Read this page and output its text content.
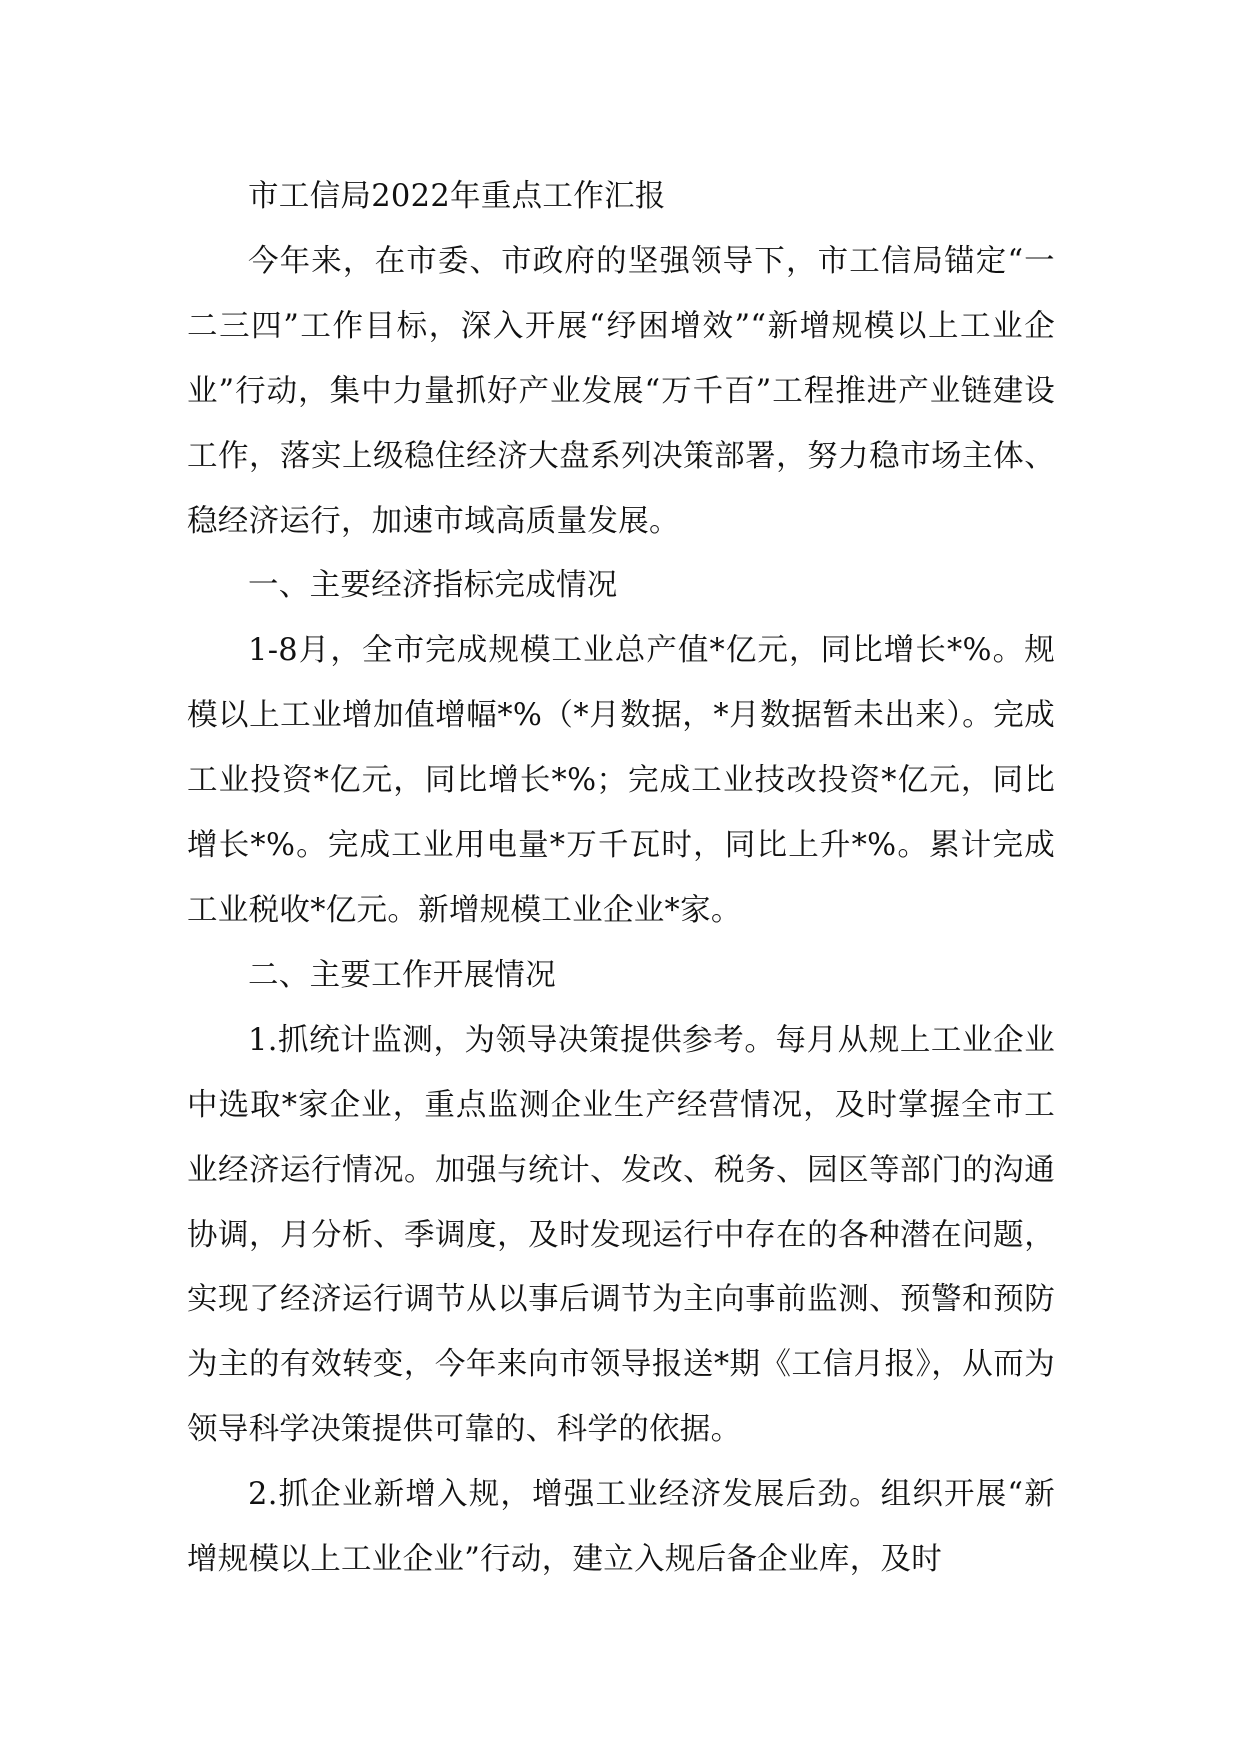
市工信局2022年重点工作汇报

今年来，在市委、市政府的坚强领导下，市工信局锚定“一二三四”工作目标，深入开展“纾困增效”“新增规模以上工业企业”行动，集中力量抓好产业发展“万千百”工程推进产业链建设工作，落实上级稳住经济大盘系列决策部署，努力稳市场主体、稳经济运行，加速市域高质量发展。

一、主要经济指标完成情况

1-8月，全市完成规模工业总产值*亿元，同比增长*%。规模以上工业增加值增幅*%（*月数据，*月数据暂未出来）。完成工业投资*亿元，同比增长*%；完成工业技改投资*亿元，同比增长*%。完成工业用电量*万千瓦时，同比上升*%。累计完成工业税收*亿元。新增规模工业企业*家。

二、主要工作开展情况

1.抓统计监测，为领导决策提供参考。每月从规上工业企业中选取*家企业，重点监测企业生产经营情况，及时掌握全市工业经济运行情况。加强与统计、发改、税务、园区等部门的沟通协调，月分析、季调度，及时发现运行中存在的各种潜在问题，实现了经济运行调节从以事后调节为主向事前监测、预警和预防为主的有效转变，今年来向市领导报送*期《工信月报》，从而为领导科学决策提供可靠的、科学的依据。

2.抓企业新增入规，增强工业经济发展后劲。组织开展“新增规模以上工业企业”行动，建立入规后备企业库，及时
